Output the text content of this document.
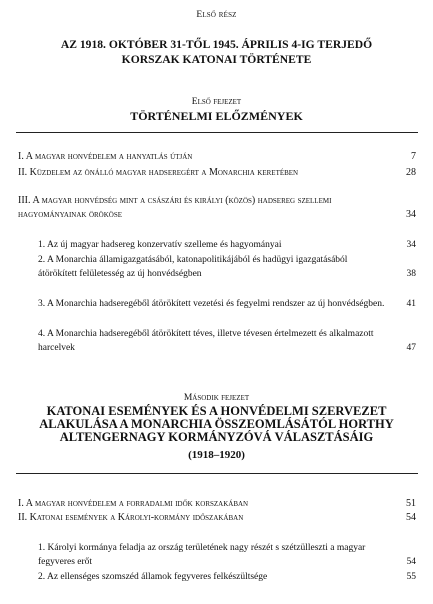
Első rész
AZ 1918. OKTÓBER 31-TŐL 1945. ÁPRILIS 4-IG TERJEDŐ
KORSZAK KATONAI TÖRTÉNETE
Első fejezet
TÖRTÉNELMI ELŐZMÉNYEK
I. A magyar honvédelem a hanyatlás útján	7
II. Küzdelem az önálló magyar hadseregért a Monarchia keretében	28
III. A magyar honvédség mint a császári és királyi (közös) hadsereg szellemi hagyományainak örököse	34
1. Az új magyar hadsereg konzervatív szelleme és hagyományai	34
2. A Monarchia államigazgatásából, katonapolitikájából és hadügyi igazgatásából átörökített felületesség az új honvédségben	38
3. A Monarchia hadseregéből átörökített vezetési és fegyelmi rendszer az új honvédségben.	41
4. A Monarchia hadseregéből átörökített téves, illetve tévesen értelmezett és alkalmazott harcelvek	47
Második fejezet
KATONAI ESEMÉNYEK ÉS A HONVÉDELMI SZERVEZET
ALAKULÁSA A MONARCHIA ÖSSZEOMLÁSÁTÓL HORTHY
ALTENGERNAGY KORMÁNYZÓVÁ VÁLASZTÁSÁIG
(1918–1920)
I. A magyar honvédelem a forradalmi idők korszakában	51
II. Katonai események a Károlyi-kormány időszakában	54
1. Károlyi kormánya feladja az ország területének nagy részét s szétzülleszti a magyar fegyveres erőt	54
2. Az ellenséges szomszéd államok fegyveres felkészültsége	55
